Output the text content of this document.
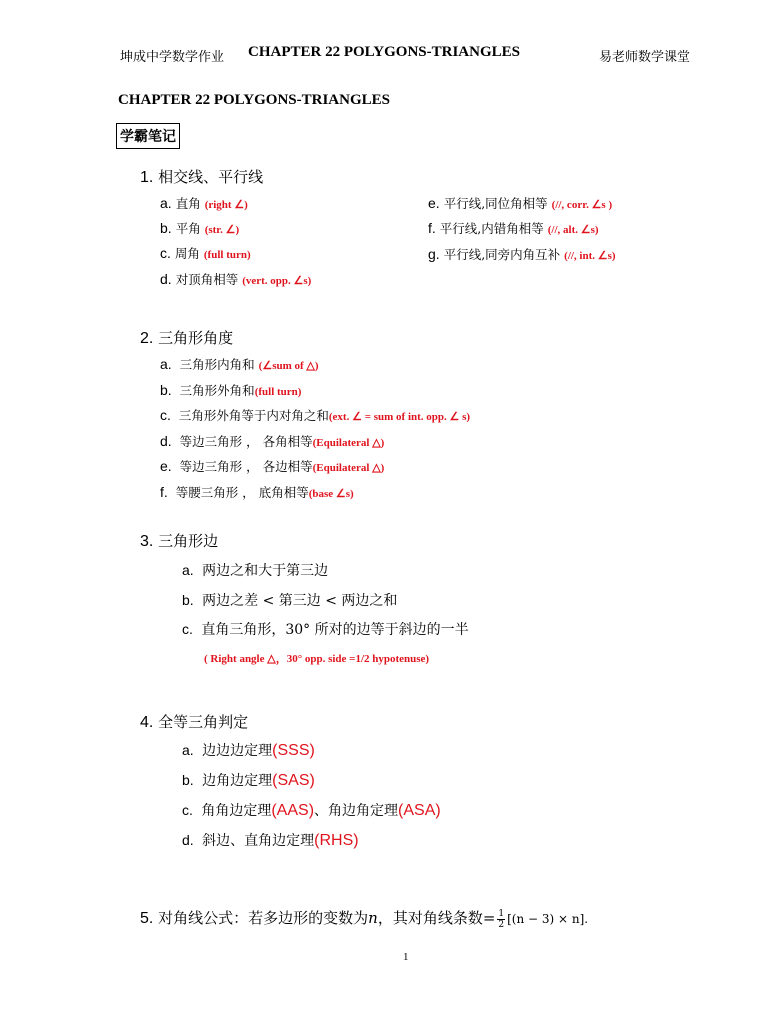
坤成中学数学作业 CHAPTER 22 POLYGONS-TRIANGLES	易老师数学课堂
CHAPTER 22 POLYGONS-TRIANGLES
学霸笔记
1. 相交线、平行线
a. 直角 (right ∠)
b. 平角 (str. ∠)
c. 周角 (full turn)
d. 对顶角相等 (vert. opp. ∠s)
e. 平行线,同位角相等 (//, corr. ∠s )
f. 平行线,内错角相等 (//, alt. ∠s)
g. 平行线,同旁内角互补 (//, int. ∠s)
2. 三角形角度
a. 三角形内角和 (∠sum of △)
b. 三角形外角和(full turn)
c. 三角形外角等于内对角之和(ext. ∠ = sum of int. opp. ∠ s)
d. 等边三角形 ， 各角相等(Equilateral △)
e. 等边三角形 ， 各边相等(Equilateral △)
f. 等腰三角形 ， 底角相等(base ∠s)
3. 三角形边
a. 两边之和大于第三边
b. 两边之差 < 第三边 < 两边之和
c. 直角三角形，30° 所对的边等于斜边的一半
( Right angle △，30° opp. side =1/2 hypotenuse)
4. 全等三角判定
a. 边边边定理(SSS)
b. 边角边定理(SAS)
c. 角角边定理(AAS)、角边角定理(ASA)
d. 斜边、直角边定理(RHS)
5. 对角线公式：若多边形的变数为n，其对角线条数= $\frac{1}{2} [(n - 3) \times n]$.
1
